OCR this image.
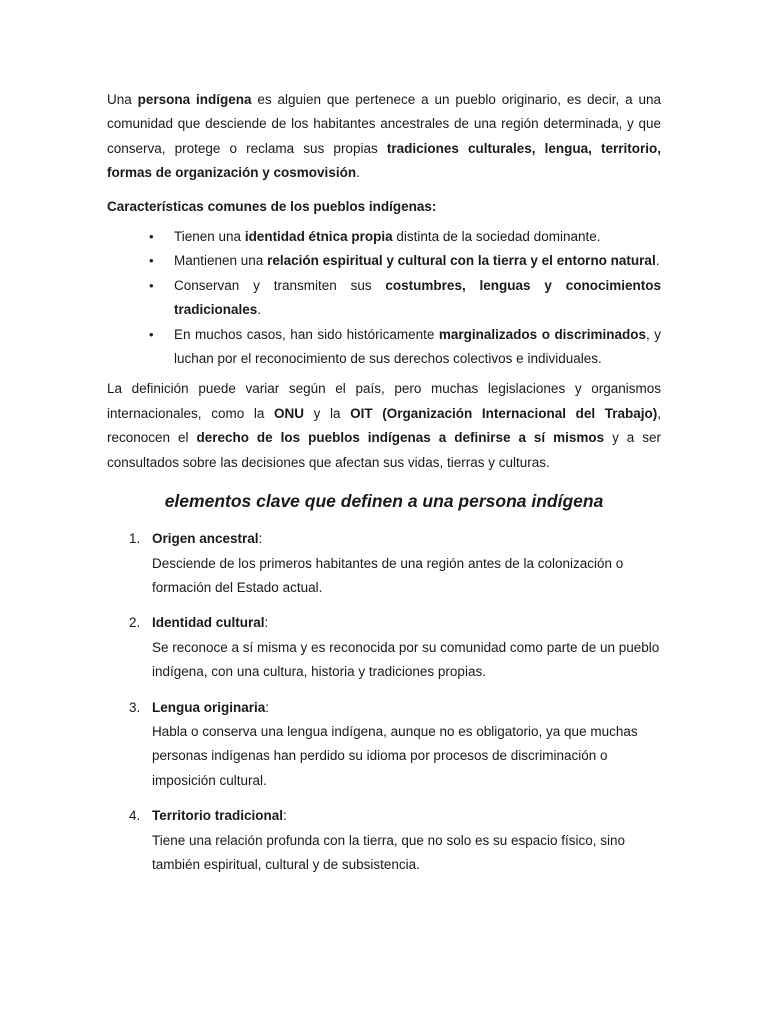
Una persona indígena es alguien que pertenece a un pueblo originario, es decir, a una comunidad que desciende de los habitantes ancestrales de una región determinada, y que conserva, protege o reclama sus propias tradiciones culturales, lengua, territorio, formas de organización y cosmovisión.

Características comunes de los pueblos indígenas:

• Tienen una identidad étnica propia distinta de la sociedad dominante.
• Mantienen una relación espiritual y cultural con la tierra y el entorno natural.
• Conservan y transmiten sus costumbres, lenguas y conocimientos tradicionales.
• En muchos casos, han sido históricamente marginalizados o discriminados, y luchan por el reconocimiento de sus derechos colectivos e individuales.

La definición puede variar según el país, pero muchas legislaciones y organismos internacionales, como la ONU y la OIT (Organización Internacional del Trabajo), reconocen el derecho de los pueblos indígenas a definirse a sí mismos y a ser consultados sobre las decisiones que afectan sus vidas, tierras y culturas.

elementos clave que definen a una persona indígena
1. Origen ancestral:
Desciende de los primeros habitantes de una región antes de la colonización o formación del Estado actual.
2. Identidad cultural:
Se reconoce a sí misma y es reconocida por su comunidad como parte de un pueblo indígena, con una cultura, historia y tradiciones propias.
3. Lengua originaria:
Habla o conserva una lengua indígena, aunque no es obligatorio, ya que muchas personas indígenas han perdido su idioma por procesos de discriminación o imposición cultural.
4. Territorio tradicional:
Tiene una relación profunda con la tierra, que no solo es su espacio físico, sino también espiritual, cultural y de subsistencia.
